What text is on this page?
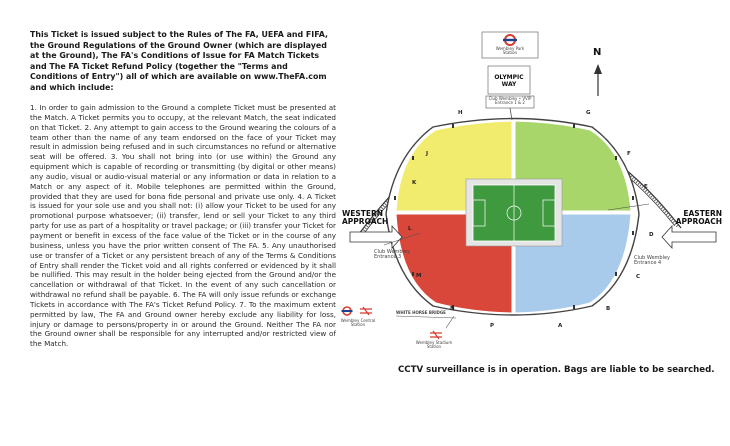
This Ticket is issued subject to the Rules of The FA, UEFA and FIFA, the Ground Regulations of the Ground Owner (which are displayed at the Ground), The FA's Conditions of Issue for FA Match Tickets and The FA Ticket Refund Policy (together the "Terms and Conditions of Entry") all of which are available on www.TheFA.com and which include:

1. In order to gain admission to the Ground a complete Ticket must be presented at the Match. A Ticket permits you to occupy, at the relevant Match, the seat indicated on that Ticket. 2. Any attempt to gain access to the Ground wearing the colours of a team other than the name of any team endorsed on the face of your Ticket may result in admission being refused and in such circumstances no refund or alternative seat will be offered. 3. You shall not bring into (or use within) the Ground any equipment which is capable of recording or transmitting (by digital or other means) any audio, visual or audio-visual material or any information or data in relation to a Match or any aspect of it. Mobile telephones are permitted within the Ground, provided that they are used for bona fide personal and private use only. 4. A Ticket is issued for your sole use and you shall not: (i) allow your Ticket to be used for any promotional purpose whatsoever; (ii) transfer, lend or sell your Ticket to any third party for use as part of a hospitality or travel package; or (iii) transfer your Ticket for payment or benefit in excess of the face value of the Ticket or in the course of any business, unless you have the prior written consent of The FA. 5. Any unauthorised use or transfer of a Ticket or any persistent breach of any of the Terms & Conditions of Entry shall render the Ticket void and all rights conferred or evidenced by it shall be nullified. This may result in the holder being ejected from the Ground and/or the cancellation or withdrawal of that Ticket. In the event of any such cancellation or withdrawal no refund shall be payable. 6. The FA will only issue refunds or exchange Tickets in accordance with The FA's Ticket Refund Policy. 7. To the maximum extent permitted by law, The FA and Ground owner hereby exclude any liability for loss, injury or damage to persons/property in or around the Ground. Neither The FA nor the Ground owner shall be responsible for any interrupted and/or restricted view of the Match.

Wembley Park Station
OLYMPIC WAY
Club Wembley • VVIP Entrance 1 & 2
N
WESTERN APPROACH
EASTERN APPROACH
Club Wembley Entrance 3	Club Wembley Entrance 4
WHITE HORSE BRIDGE
Wembley Central Station
Wembley Stadium Station
H	G
J	F
K
E
L
D
M	C
N	B
P	A
CCTV surveillance is in operation. Bags are liable to be searched.
